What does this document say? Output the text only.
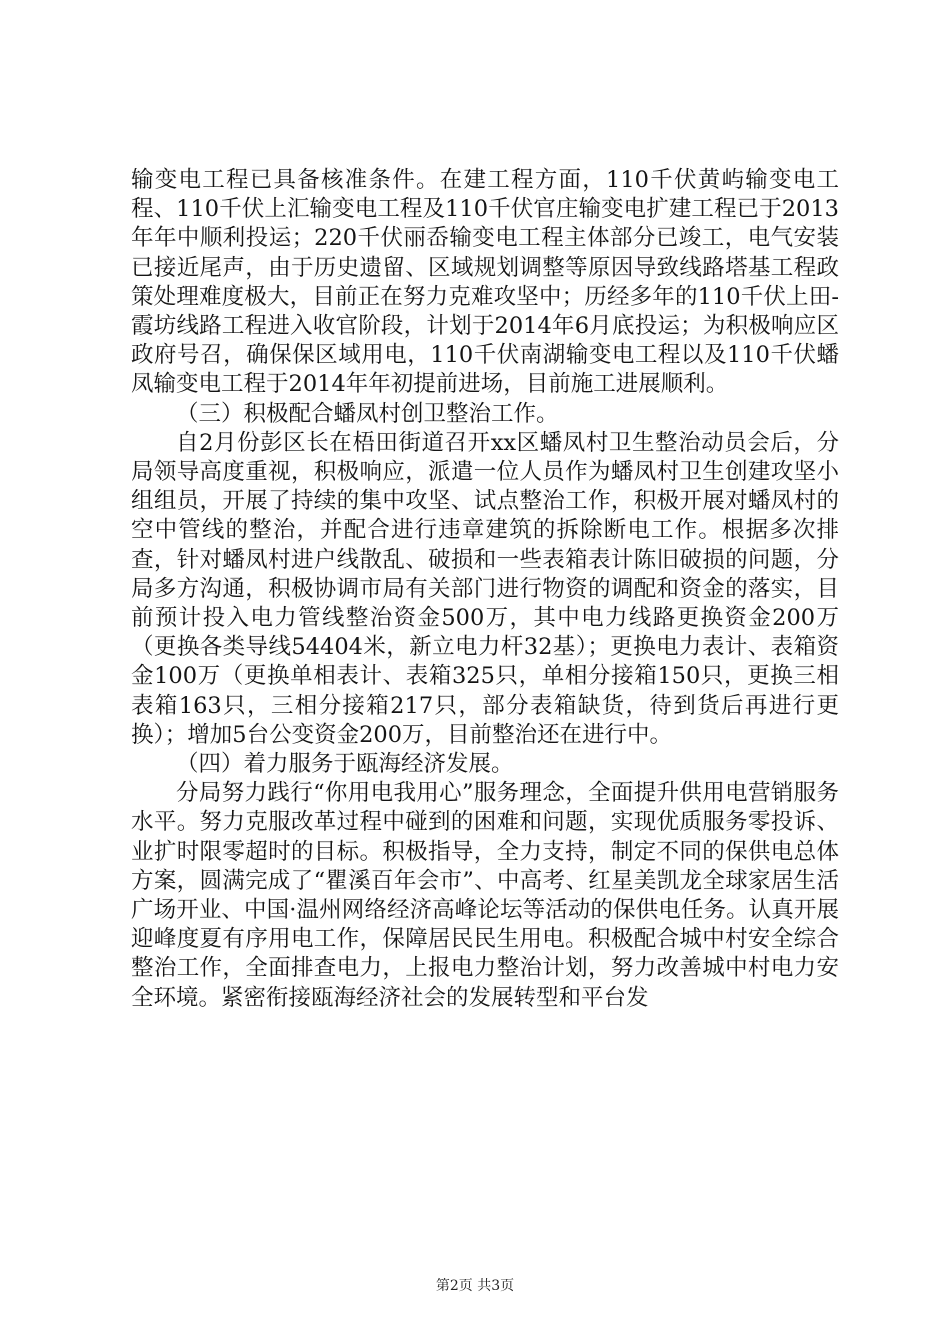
输变电工程已具备核准条件。在建工程方面，110千伏黄屿输变电工程、110千伏上汇输变电工程及110千伏官庄输变电扩建工程已于2013年年中顺利投运；220千伏丽岙输变电工程主体部分已竣工，电气安装已接近尾声，由于历史遗留、区域规划调整等原因导致线路塔基工程政策处理难度极大，目前正在努力克难攻坚中；历经多年的110千伏上田-霞坊线路工程进入收官阶段，计划于2014年6月底投运；为积极响应区政府号召，确保保区域用电，110千伏南湖输变电工程以及110千伏蟠凤输变电工程于2014年年初提前进场，目前施工进展顺利。

（三）积极配合蟠凤村创卫整治工作。

自2月份彭区长在梧田街道召开xx区蟠凤村卫生整治动员会后，分局领导高度重视，积极响应，派遣一位人员作为蟠凤村卫生创建攻坚小组组员，开展了持续的集中攻坚、试点整治工作，积极开展对蟠凤村的空中管线的整治，并配合进行违章建筑的拆除断电工作。根据多次排查，针对蟠凤村进户线散乱、破损和一些表箱表计陈旧破损的问题，分局多方沟通，积极协调市局有关部门进行物资的调配和资金的落实，目前预计投入电力管线整治资金500万，其中电力线路更换资金200万（更换各类导线54404米，新立电力杆32基）；更换电力表计、表箱资金100万（更换单相表计、表箱325只，单相分接箱150只，更换三相表箱163只，三相分接箱217只，部分表箱缺货，待到货后再进行更换）；增加5台公变资金200万，目前整治还在进行中。

（四）着力服务于瓯海经济发展。

分局努力践行“你用电我用心”服务理念，全面提升供用电营销服务水平。努力克服改革过程中碰到的困难和问题，实现优质服务零投诉、业扩时限零超时的目标。积极指导，全力支持，制定不同的保供电总体方案，圆满完成了“瞿溪百年会市”、中高考、红星美凯龙全球家居生活广场开业、中国·温州网络经济高峰论坛等活动的保供电任务。认真开展迎峰度夏有序用电工作，保障居民民生用电。积极配合城中村安全综合整治工作，全面排查电力，上报电力整治计划，努力改善城中村电力安全环境。紧密衔接瓯海经济社会的发展转型和平台发

第2页 共3页
